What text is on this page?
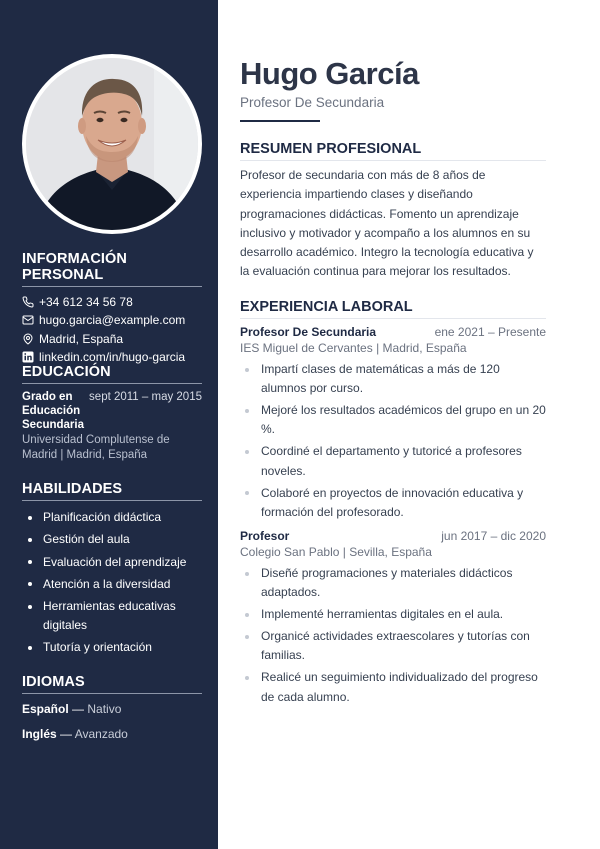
INFORMACIÓN PERSONAL
+34 612 34 56 78
hugo.garcia@example.com
Madrid, España
linkedin.com/in/hugo-garcia
EDUCACIÓN
Grado en Educación Secundaria
sept 2011 – may 2015
Universidad Complutense de Madrid | Madrid, España
HABILIDADES
Planificación didáctica
Gestión del aula
Evaluación del aprendizaje
Atención a la diversidad
Herramientas educativas digitales
Tutoría y orientación
IDIOMAS
Español — Nativo
Inglés — Avanzado
Hugo García
Profesor De Secundaria
RESUMEN PROFESIONAL

Profesor de secundaria con más de 8 años de experiencia impartiendo clases y diseñando programaciones didácticas. Fomento un aprendizaje inclusivo y motivador y acompaño a los alumnos en su desarrollo académico. Integro la tecnología educativa y la evaluación continua para mejorar los resultados.

EXPERIENCIA LABORAL
Profesor De Secundaria	ene 2021 – Presente
IES Miguel de Cervantes | Madrid, España
Impartí clases de matemáticas a más de 120 alumnos por curso.
Mejoré los resultados académicos del grupo en un 20 %.
Coordiné el departamento y tutoricé a profesores noveles.
Colaboré en proyectos de innovación educativa y formación del profesorado.
Profesor	jun 2017 – dic 2020
Colegio San Pablo | Sevilla, España
Diseñé programaciones y materiales didácticos adaptados.
Implementé herramientas digitales en el aula.
Organicé actividades extraescolares y tutorías con familias.
Realicé un seguimiento individualizado del progreso de cada alumno.
